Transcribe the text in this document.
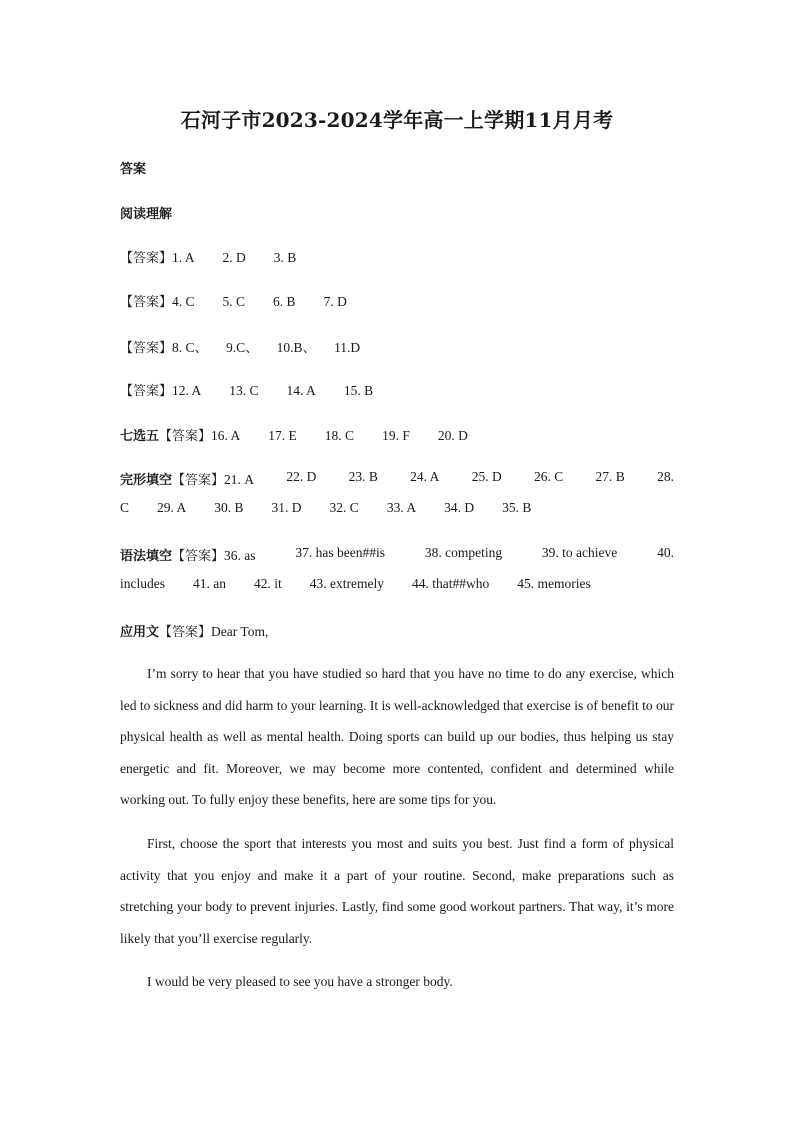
石河子市2023-2024学年高一上学期11月月考
答案
阅读理解
【答案】1. A 2. D 3. B
【答案】4. C 5. C 6. B 7. D
【答案】8. C、 9.C、 10.B、 11.D
【答案】12. A 13. C 14. A 15. B
七选五【答案】16. A 17. E 18. C 19. F 20. D
完形填空【答案】21. A 22. D 23. B 24. A 25. D 26. C 27. B 28.
C 29. A 30. B 31. D 32. C 33. A 34. D 35. B
语法填空【答案】36. as	37. has been##is	38. competing	39. to achieve	40.
includes 41. an 42. it 43. extremely 44. that##who 45. memories
应用文【答案】Dear Tom,
I’m sorry to hear that you have studied so hard that you have no time to do any exercise, which led to sickness and did harm to your learning. It is well-acknowledged that exercise is of benefit to our physical health as well as mental health. Doing sports can build up our bodies, thus helping us stay energetic and fit. Moreover, we may become more contented, confident and determined while working out. To fully enjoy these benefits, here are some tips for you.
First, choose the sport that interests you most and suits you best. Just find a form of physical activity that you enjoy and make it a part of your routine. Second, make preparations such as stretching your body to prevent injuries. Lastly, find some good workout partners. That way, it’s more likely that you’ll exercise regularly.
I would be very pleased to see you have a stronger body.
